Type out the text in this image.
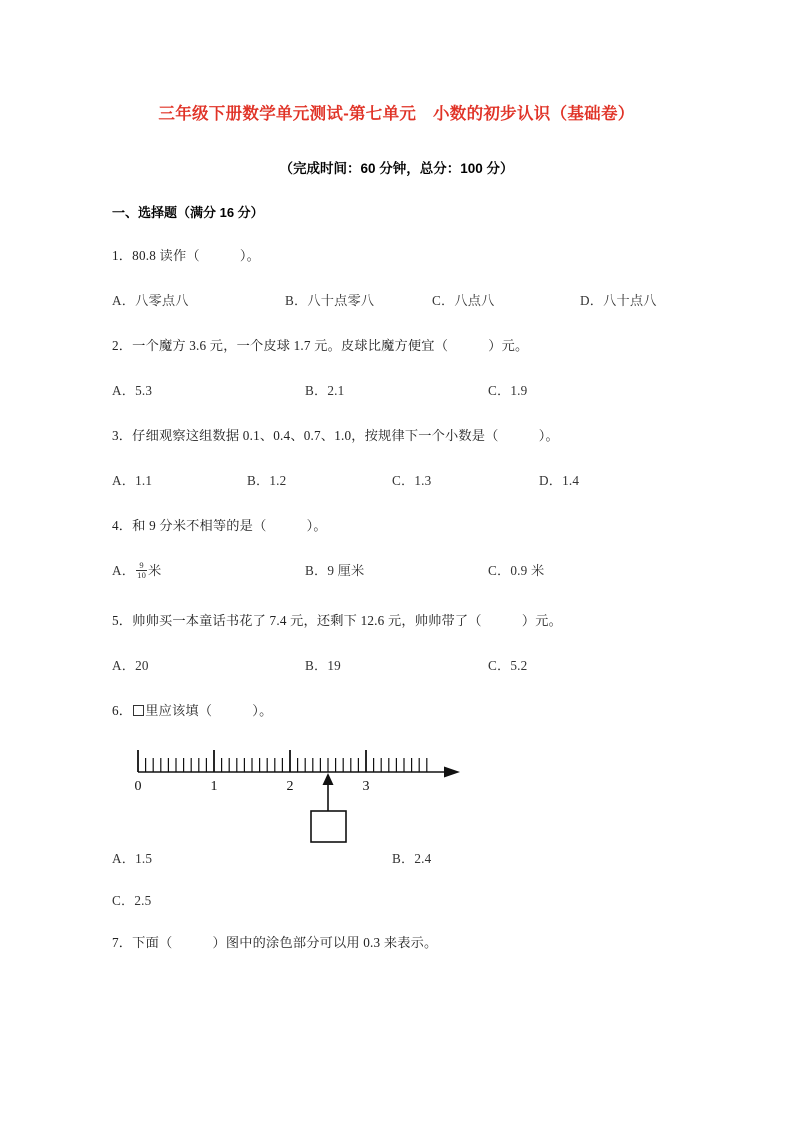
三年级下册数学单元测试-第七单元　小数的初步认识（基础卷）
（完成时间：60 分钟，总分：100 分）
一、选择题（满分 16 分）
1．80.8 读作（　　　）。
A．八零点八	B．八十点零八	C．八点八	D．八十点八
2．一个魔方 3.6 元，一个皮球 1.7 元。皮球比魔方便宜（　　　）元。
A．5.3	B．2.1	C．1.9
3．仔细观察这组数据 0.1、0.4、0.7、1.0，按规律下一个小数是（　　　）。
A．1.1	B．1.2	C．1.3	D．1.4
4．和 9 分米不相等的是（　　　）。
A． $\frac{9}{10}$ 米	B．9 厘米	C．0.9 米
5．帅帅买一本童话书花了 7.4 元，还剩下 12.6 元，帅帅带了（　　　）元。
A．20	B．19	C．5.2
6． 里应该填（　　　）。
0	1	2	3
A．1.5	B．2.4
C．2.5
7．下面（　　　）图中的涂色部分可以用 0.3 来表示。
